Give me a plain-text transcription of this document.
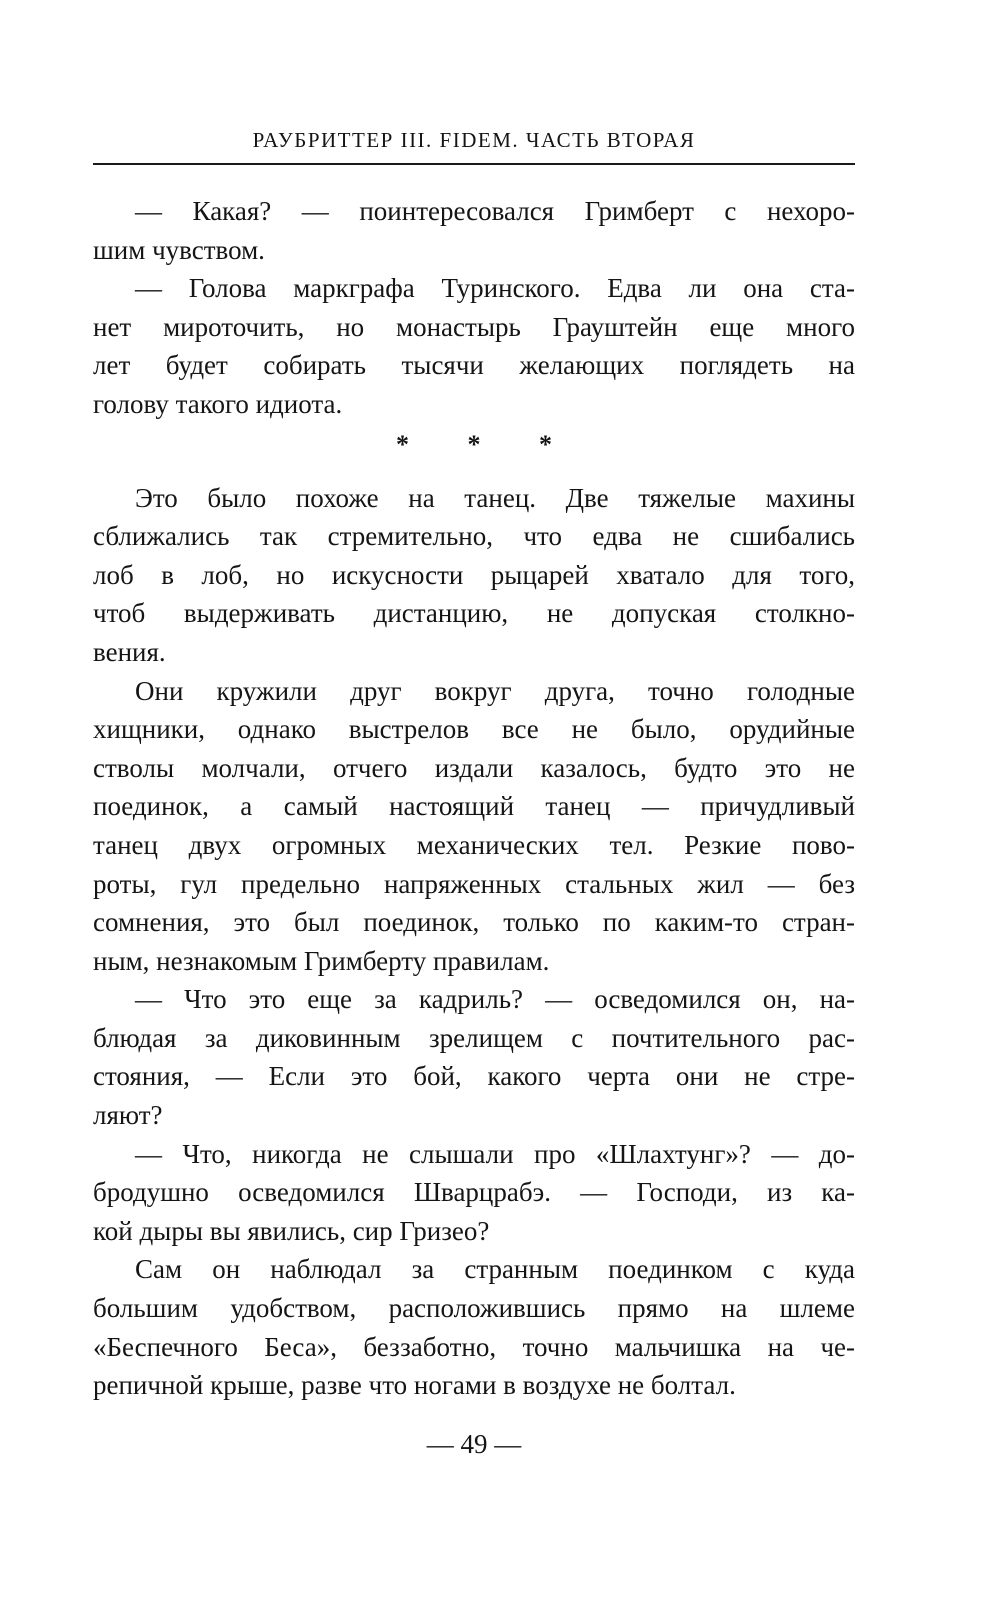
РАУБРИТТЕР III. FIDEM. ЧАСТЬ ВТОРАЯ
— Какая? — поинтересовался Гримберт с нехоро-
шим чувством.
— Голова маркграфа Туринского. Едва ли она ста-
нет мироточить, но монастырь Грауштейн еще много
лет будет собирать тысячи желающих поглядеть на
голову такого идиота.
* * *
Это было похоже на танец. Две тяжелые махины
сближались так стремительно, что едва не сшибались
лоб в лоб, но искусности рыцарей хватало для того,
чтоб выдерживать дистанцию, не допуская столкно-
вения.
Они кружили друг вокруг друга, точно голодные
хищники, однако выстрелов все не было, орудийные
стволы молчали, отчего издали казалось, будто это не
поединок, а самый настоящий танец — причудливый
танец двух огромных механических тел. Резкие пово-
роты, гул предельно напряженных стальных жил — без
сомнения, это был поединок, только по каким-то стран-
ным, незнакомым Гримберту правилам.
— Что это еще за кадриль? — осведомился он, на-
блюдая за диковинным зрелищем с почтительного рас-
стояния, — Если это бой, какого черта они не стре-
ляют?
— Что, никогда не слышали про «Шлахтунг»? — до-
бродушно осведомился Шварцрабэ. — Господи, из ка-
кой дыры вы явились, сир Гризео?
Сам он наблюдал за странным поединком с куда
большим удобством, расположившись прямо на шлеме
«Беспечного Беса», беззаботно, точно мальчишка на че-
репичной крыше, разве что ногами в воздухе не болтал.
— 49 —
